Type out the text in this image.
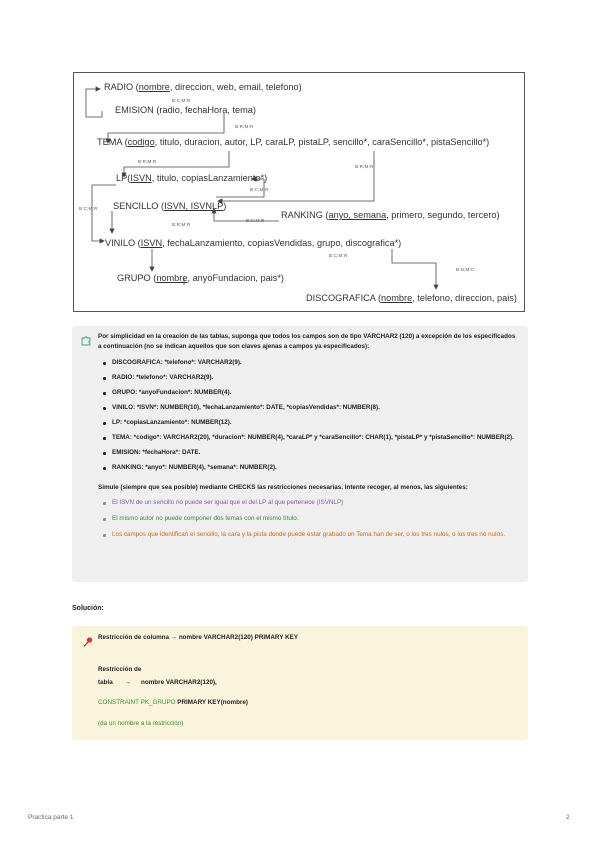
RADIO (nombre, direccion, web, email, telefono)
EMISION (radio, fechaHora, tema)
TEMA (codigo, titulo, duracion, autor, LP, caraLP, pistaLP, sencillo*, caraSencillo*, pistaSencillo*)
LP(ISVN, titulo, copiasLanzamiento*)
SENCILLO (ISVN, ISVNLP)
RANKING (anyo, semana, primero, segundo, tercero)
VINILO (ISVN, fechaLanzamiento, copiasVendidas, grupo, discografica*)
GRUPO (nombre, anyoFundacion, pais*)
DISCOGRAFICA (nombre, telefono, direccion, pais)
B:C;M:R
B:R;M:R
B:R;M:R
B:R;M:R
B:C;M:R
B:C;M:R
B:C;M:R
B:R;M:R
B:C;M:R
B:N;M:C

Por simplicidad en la creación de las tablas, suponga que todos los campos son de tipo VARCHAR2 (120) a excepción de los especificados a continuación (no se indican aquellos que son claves ajenas a campos ya especificados):

DISCOGRAFICA: *telefono*: VARCHAR2(9).
RADIO: *telefono*: VARCHAR2(9).
GRUPO: *anyoFundacion*: NUMBER(4).
VINILO: *ISVN*: NUMBER(10), *fechaLanzamiento*: DATE, *copiasVendidas*: NUMBER(8).
LP: *copiasLanzamiento*: NUMBER(12).
TEMA: *codigo*: VARCHAR2(20), *duracion*: NUMBER(4), *caraLP* y *caraSencillo*: CHAR(1), *pistaLP* y *pistaSencillo*: NUMBER(2).
EMISION: *fechaHora*: DATE.
RANKING: *anyo*: NUMBER(4), *semana*: NUMBER(2).

Simule (siempre que sea posible) mediante CHECKS las restricciones necesarias. Intente recoger, al menos, las siguientes:

El ISVN de un sencillo no puede ser igual que el del LP al que pertenece (ISVNLP)
El mismo autor no puede componer dos temas con el mismo título.
Los campos que identifican el sencillo, la cara y la pista donde puede estar grabado un Tema han de ser, o los tres nulos, o los tres no nulos.
Solución:
Restricción de columna → nombre VARCHAR2(120) PRIMARY KEY
Restricción de
tabla → nombre VARCHAR2(120),
CONSTRAINT PK_GRUPO PRIMARY KEY(nombre)
(da un nombre a la restricción)
Practica parte 1	2
